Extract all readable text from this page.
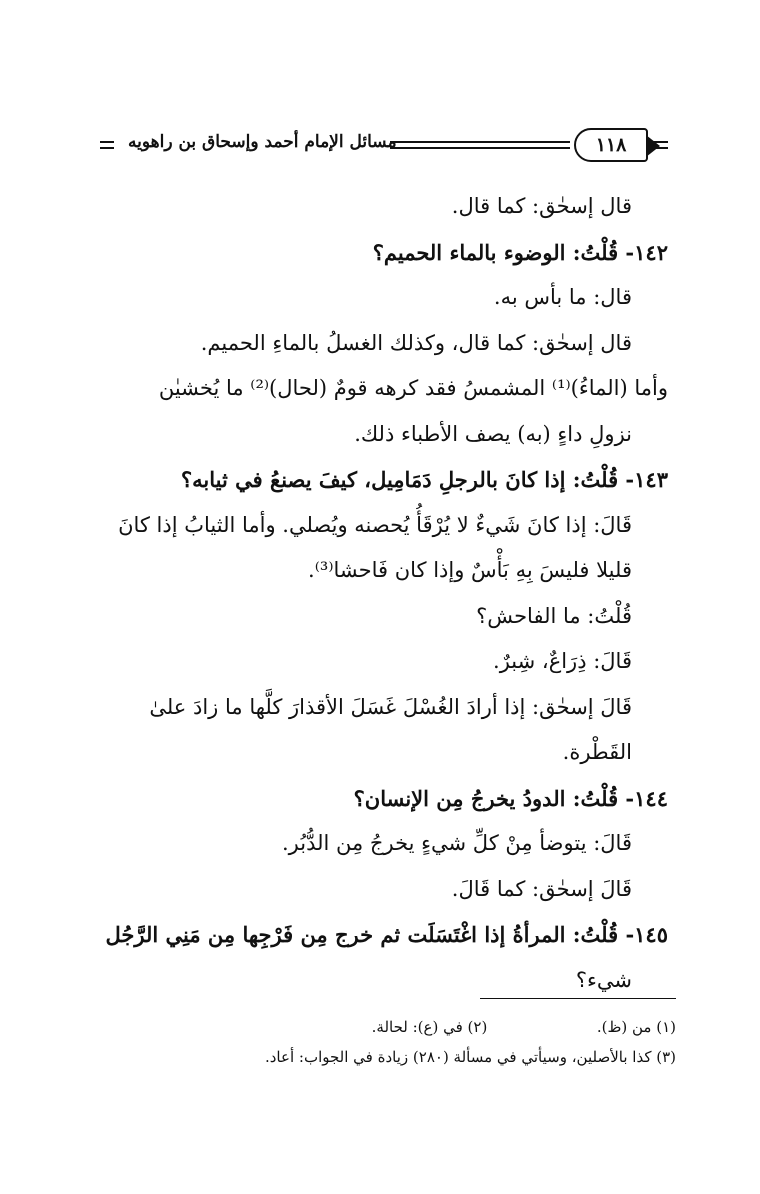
مسائل الإمام أحمد وإسحاق بن راهويه	١١٨
قال إسحٰق: كما قال.
١٤٢- قُلْتُ: الوضوء بالماء الحميم؟
قال: ما بأس به.
قال إسحٰق: كما قال، وكذلك الغسلُ بالماءِ الحميم.
وأما (الماءُ)⁽¹⁾ المشمسُ فقد كرهه قومٌ (لحال)⁽²⁾ ما يُخشيٰن
نزولِ داءٍ (به) يصف الأطباء ذلك.
١٤٣- قُلْتُ: إذا كانَ بالرجلِ دَمَامِيل، كيفَ يصنعُ في ثيابه؟
قَالَ: إذا كانَ شَيءٌ لا يُرْقَأُ يُحصنه ويُصلي. وأما الثيابُ إذا كانَ
قليلا فليسَ بِهِ بَأْسٌ وإذا كان فَاحشا⁽³⁾.
قُلْتُ: ما الفاحش؟
قَالَ: ذِرَاعٌ، شِبرٌ.
قَالَ إسحٰق: إذا أرادَ الغُسْلَ غَسَلَ الأقذارَ كلَّها ما زادَ علىٰ
القَطْرة.
١٤٤- قُلْتُ: الدودُ يخرجُ مِن الإنسان؟
قَالَ: يتوضأ مِنْ كلِّ شيءٍ يخرجُ مِن الدُّبُر.
قَالَ إسحٰق: كما قَالَ.
١٤٥- قُلْتُ: المرأةُ إذا اغْتَسَلَت ثم خرج مِن فَرْجِها مِن مَنِي الرَّجُل
شيء؟
(١) من (ظ).  (٢) في (ع): لحالة.
(٣) كذا بالأصلين، وسيأتي في مسألة (٢٨٠) زيادة في الجواب: أعاد.
